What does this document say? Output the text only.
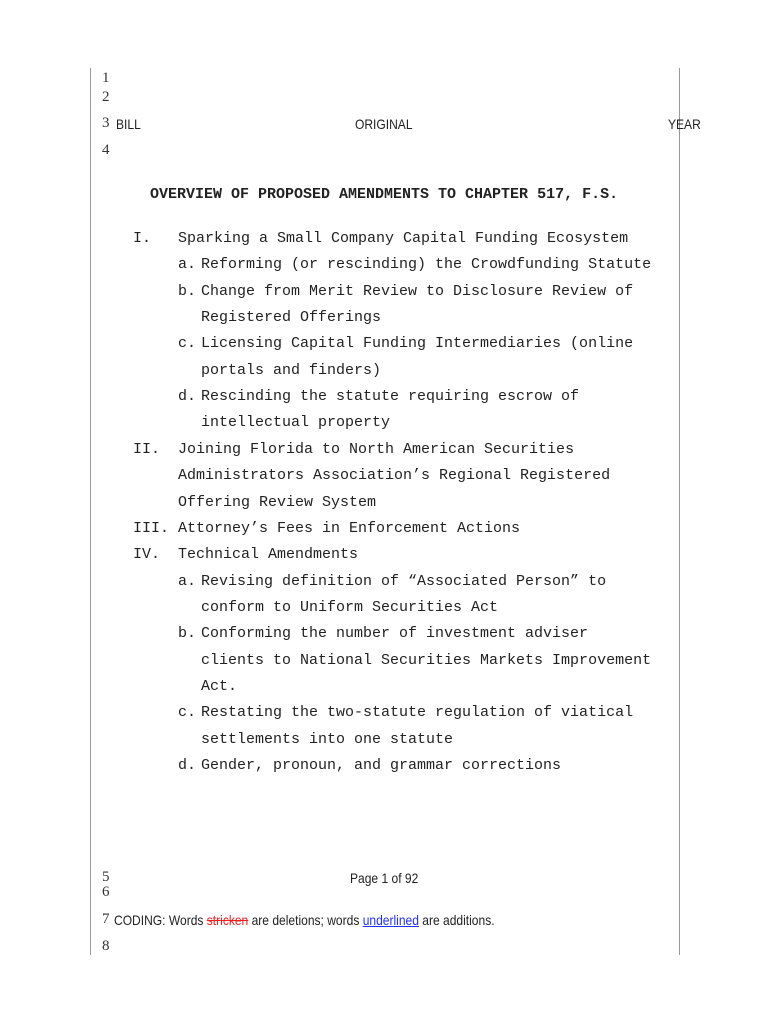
1
2
3 BILL	ORIGINAL	YEAR
4
OVERVIEW OF PROPOSED AMENDMENTS TO CHAPTER 517, F.S.
I. Sparking a Small Company Capital Funding Ecosystem
a. Reforming (or rescinding) the Crowdfunding Statute
b. Change from Merit Review to Disclosure Review of
Registered Offerings
c. Licensing Capital Funding Intermediaries (online
portals and finders)
d. Rescinding the statute requiring escrow of
intellectual property
II. Joining Florida to North American Securities
Administrators Association’s Regional Registered
Offering Review System
III. Attorney’s Fees in Enforcement Actions
IV. Technical Amendments
a. Revising definition of “Associated Person” to
conform to Uniform Securities Act
b. Conforming the number of investment adviser
clients to National Securities Markets Improvement
Act.
c. Restating the two-statute regulation of viatical
settlements into one statute
d. Gender, pronoun, and grammar corrections
5	Page 1 of 92
6
7 CODING: Words stricken are deletions; words underlined are additions.
8
